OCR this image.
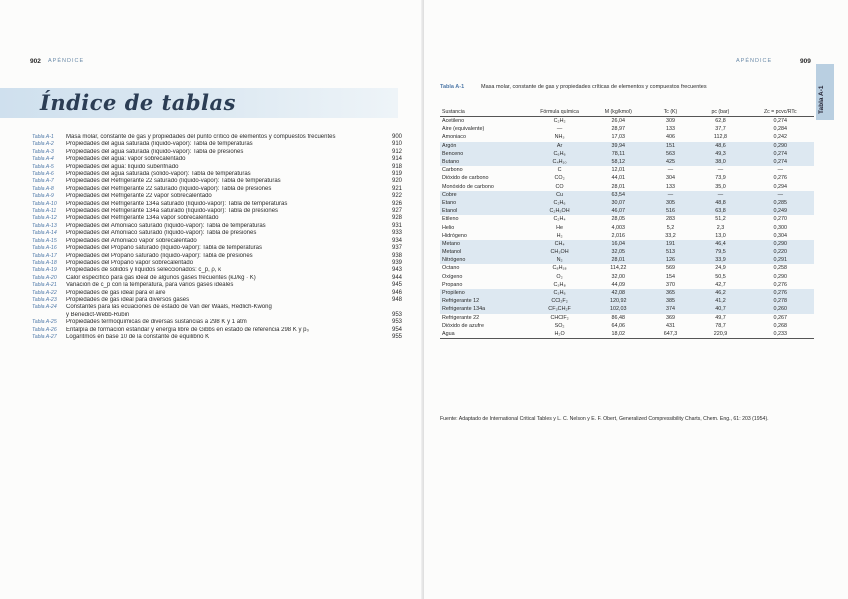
902 APÉNDICE
Índice de tablas
Tabla A-1	Masa molar, constante de gas y propiedades del punto crítico de elementos y compuestos frecuentes	900
Tabla A-2	Propiedades del agua saturada (líquido-vapor): Tabla de temperaturas	910
Tabla A-3	Propiedades del agua saturada (líquido-vapor): Tabla de presiones	912
Tabla A-4	Propiedades del agua: vapor sobrecalentado	914
Tabla A-5	Propiedades del agua: líquido subenfriado	918
Tabla A-6	Propiedades del agua saturada (sólido-vapor): Tabla de temperaturas	919
Tabla A-7	Propiedades del Refrigerante 22 saturado (líquido-vapor): Tabla de temperaturas	920
Tabla A-8	Propiedades del Refrigerante 22 saturado (líquido-vapor): Tabla de presiones	921
Tabla A-9	Propiedades del Refrigerante 22 vapor sobrecalentado	922
Tabla A-10	Propiedades del Refrigerante 134a saturado (líquido-vapor): Tabla de temperaturas	926
Tabla A-11	Propiedades del Refrigerante 134a saturado (líquido-vapor): Tabla de presiones	927
Tabla A-12	Propiedades del Refrigerante 134a vapor sobrecalentado	928
Tabla A-13	Propiedades del Amoniaco saturado (líquido-vapor): Tabla de temperaturas	931
Tabla A-14	Propiedades del Amoniaco saturado (líquido-vapor): Tabla de presiones	933
Tabla A-15	Propiedades del Amoniaco vapor sobrecalentado	934
Tabla A-16	Propiedades del Propano saturado (líquido-vapor): Tabla de temperaturas	937
Tabla A-17	Propiedades del Propano saturado (líquido-vapor): Tabla de presiones	938
Tabla A-18	Propiedades del Propano vapor sobrecalentado	939
Tabla A-19	Propiedades de sólidos y líquidos seleccionados: c_p, ρ, κ	943
Tabla A-20	Calor específico para gas ideal de algunos gases frecuentes (kJ/kg · K)	944
Tabla A-21	Variación de c_p con la temperatura, para varios gases ideales	945
Tabla A-22	Propiedades de gas ideal para el aire	946
Tabla A-23	Propiedades de gas ideal para diversos gases	948
Tabla A-24	Constantes para las ecuaciones de estado de Van der Waals, Redlich-Kwong
y Benedict-Webb-Rubin	953
Tabla A-25	Propiedades termoquímicas de diversas sustancias a 298 K y 1 atm	953
Tabla A-26	Entalpía de formación estándar y energía libre de Gibbs en estado de referencia 298 K y p₀	954
Tabla A-27	Logaritmos en base 10 de la constante de equilibrio K	955
APÉNDICE	909
Tabla A-1
Tabla A-1	Masa molar, constante de gas y propiedades críticas de elementos y compuestos frecuentes
Sustancia	Fórmula química	M (kg/kmol)	Tc (K)	pc (bar)	Zc = pcvc/RTc
Acetileno	C₂H₂	26,04	309	62,8	0,274
Aire (equivalente)	—	28,97	133	37,7	0,284
Amoniaco	NH₃	17,03	406	112,8	0,242
Argón	Ar	39,94	151	48,6	0,290
Benceno	C₆H₆	78,11	563	49,3	0,274
Butano	C₄H₁₀	58,12	425	38,0	0,274
Carbono	C	12,01	—	—	—
Dióxido de carbono	CO₂	44,01	304	73,9	0,276
Monóxido de carbono	CO	28,01	133	35,0	0,294
Cobre	Cu	63,54	—	—	—
Etano	C₂H₆	30,07	305	48,8	0,285
Etanol	C₂H₅OH	46,07	516	63,8	0,249
Etileno	C₂H₄	28,05	283	51,2	0,270
Helio	He	4,003	5,2	2,3	0,300
Hidrógeno	H₂	2,016	33,2	13,0	0,304
Metano	CH₄	16,04	191	46,4	0,290
Metanol	CH₃OH	32,05	513	79,5	0,220
Nitrógeno	N₂	28,01	126	33,9	0,291
Octano	C₈H₁₈	114,22	569	24,9	0,258
Oxígeno	O₂	32,00	154	50,5	0,290
Propano	C₃H₈	44,09	370	42,7	0,276
Propileno	C₃H₆	42,08	365	46,2	0,276
Refrigerante 12	CCl₂F₂	120,92	385	41,2	0,278
Refrigerante 134a	CF₃CH₂F	102,03	374	40,7	0,260
Refrigerante 22	CHClF₂	86,48	369	49,7	0,267
Dióxido de azufre	SO₂	64,06	431	78,7	0,268
Agua	H₂O	18,02	647,3	220,9	0,233
Fuente: Adaptado de International Critical Tables y L. C. Nelson y E. F. Obert, Generalized Compressibility Charts, Chem. Eng., 61: 203 (1954).
